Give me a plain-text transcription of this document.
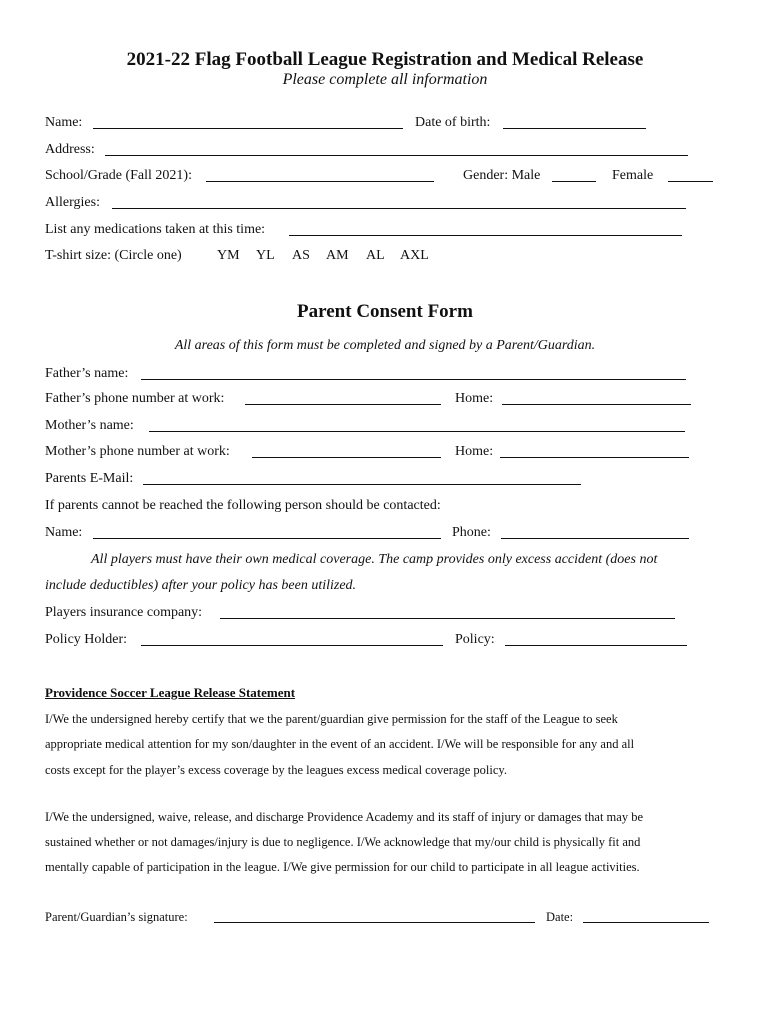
2021-22 Flag Football League Registration and Medical Release
Please complete all information
Name:	Date of birth:
Address:
School/Grade (Fall 2021):	Gender: Male	Female
Allergies:
List any medications taken at this time:
T-shirt size: (Circle one)	YM YL AS AM AL AXL
Parent Consent Form
All areas of this form must be completed and signed by a Parent/Guardian.
Father’s name:
Father’s phone number at work:	Home:
Mother’s name:
Mother’s phone number at work:	Home:
Parents E-Mail:
If parents cannot be reached the following person should be contacted:
Name:	Phone:
All players must have their own medical coverage. The camp provides only excess accident (does not
include deductibles) after your policy has been utilized.
Players insurance company:
Policy Holder:	Policy:
Providence Soccer League Release Statement
I/We the undersigned hereby certify that we the parent/guardian give permission for the staff of the League to seek
appropriate medical attention for my son/daughter in the event of an accident. I/We will be responsible for any and all
costs except for the player’s excess coverage by the leagues excess medical coverage policy.
I/We the undersigned, waive, release, and discharge Providence Academy and its staff of injury or damages that may be
sustained whether or not damages/injury is due to negligence. I/We acknowledge that my/our child is physically fit and
mentally capable of participation in the league. I/We give permission for our child to participate in all league activities.
Parent/Guardian’s signature:	Date:
